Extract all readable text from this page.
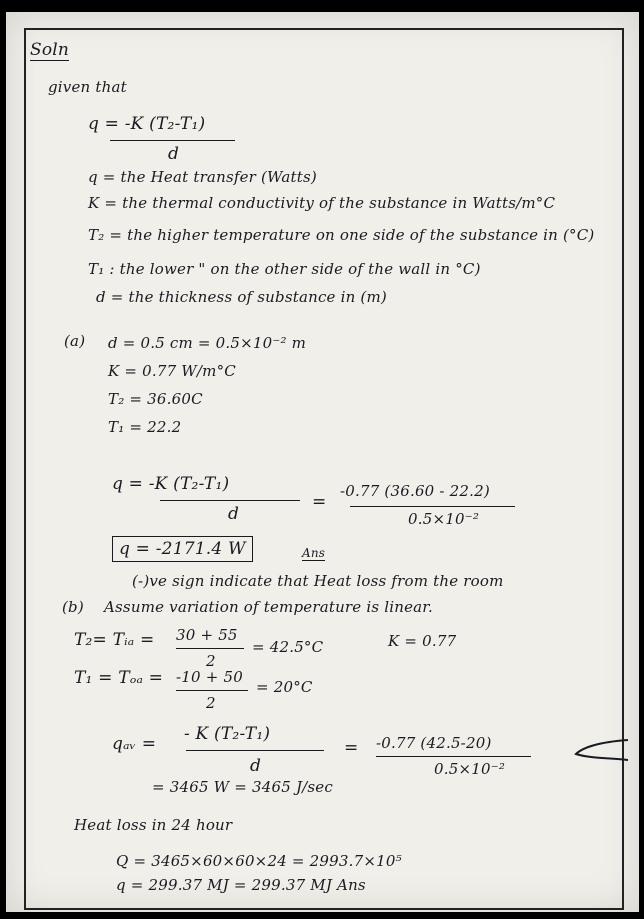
Soln
given that
q = -K (T₂-T₁)
d
q = the Heat transfer (Watts)
K = the thermal conductivity of the substance in Watts/m°C
T₂ = the higher temperature on one side of the substance in (°C)
T₁ : the lower " on the other side of the wall in °C)
d = the thickness of substance in (m)
(a) d = 0.5 cm = 0.5×10⁻² m
K = 0.77 W/m°C
T₂ = 36.60C
T₁ = 22.2
q = -K (T₂-T₁)
d
=
-0.77 (36.60 - 22.2)
0.5×10⁻²
q = -2171.4 W	Ans
(-)ve sign indicate that Heat loss from the room
(b) Assume variation of temperature is linear.
T₂= Tᵢₐ = 30 + 55
2
= 42.5°C	K = 0.77
T₁ = Tₒₐ = -10 + 50
2
= 20°C
qₐᵥ = - K (T₂-T₁)
d
= -0.77 (42.5-20)
0.5×10⁻²
= 3465 W = 3465 J/sec
Heat loss in 24 hour
Q = 3465×60×60×24 = 2993.7×10⁵
q = 299.37 MJ = 299.37 MJ Ans
